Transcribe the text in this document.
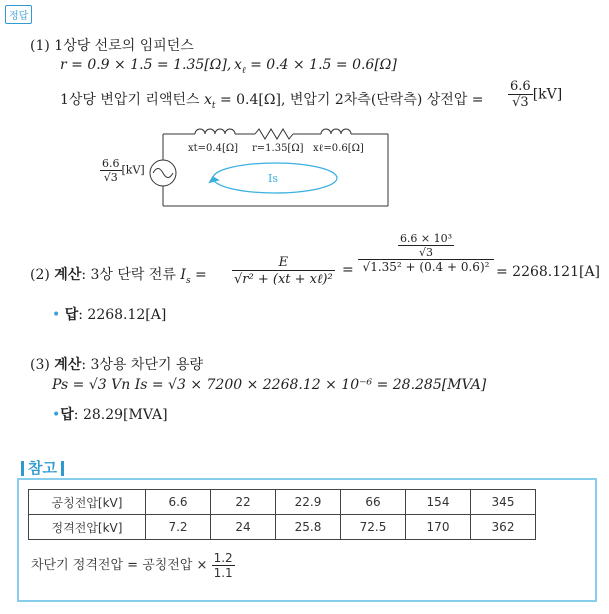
정답
(1) 1상당 선로의 임피던스
r = 0.9 × 1.5 = 1.35[Ω], $x_\ell = 0.4 \times 1.5 = 0.6[\Omega]$
1상당 변압기 리액턴스 $x_t = 0.4[\Omega]$, 변압기 2차측(단락측) 상전압 = $\frac{6.6}{√3} [kV]$
xt=0.4[Ω] r=1.35[Ω] xℓ=0.6[Ω]
Is
$\frac{6.6}{√3} [kV]$
(2) 계산: 3상 단락 전류 $I_s = \frac{E}{\text{√r² + (xt + xℓ)²}} = \frac{\frac{\text{6.6 × 10³}}{√3}}{\text{√1.35² + (0.4 + 0.6)²}} = 2268.121[A]$
• 답: 2268.12[A]
(3) 계산: 3상용 차단기 용량
Ps = √3 Vn Is = √3 × 7200 × 2268.12 × 10⁻⁶ = 28.285[MVA]
•답: 28.29[MVA]
참고
공칭전압[kV]	6.6	22	22.9	66	154	345
정격전압[kV]	7.2	24	25.8	72.5	170	362
차단기 정격전압 = 공칭전압 × $\frac{1.2}{1.1}$
